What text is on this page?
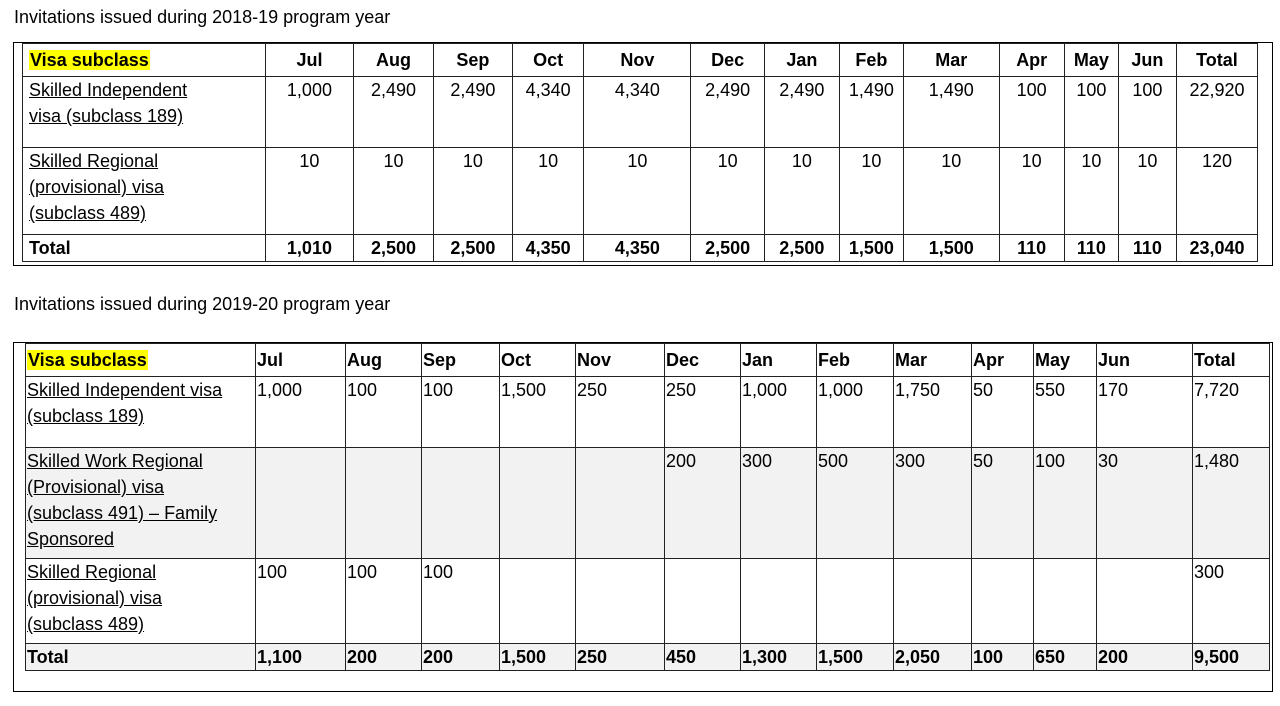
Invitations issued during 2018-19 program year
Visa subclass	Jul	Aug	Sep	Oct	Nov	Dec	Jan	Feb	Mar	Apr	May	Jun	Total

Skilled Independent
visa (subclass 189)	1,000	2,490	2,490	4,340	4,340	2,490	2,490	1,490	1,490	100	100	100	22,920

Skilled Regional
(provisional) visa
(subclass 489)	10	10	10	10	10	10	10	10	10	10	10	10	120
Total	1,010	2,500	2,500	4,350	4,350	2,500	2,500	1,500	1,500	110	110	110	23,040
Invitations issued during 2019-20 program year
Visa subclass	Jul	Aug	Sep	Oct	Nov	Dec	Jan	Feb	Mar	Apr	May	Jun	Total

Skilled Independent visa
(subclass 189)	1,000	100	100	1,500	250	250	1,000	1,000	1,750	50	550	170	7,720

Skilled Work Regional
(Provisional) visa
(subclass 491) – Family
Sponsored						200	300	500	300	50	100	30	1,480

Skilled Regional
(provisional) visa
(subclass 489)	100	100	100										300
Total	1,100	200	200	1,500	250	450	1,300	1,500	2,050	100	650	200	9,500
